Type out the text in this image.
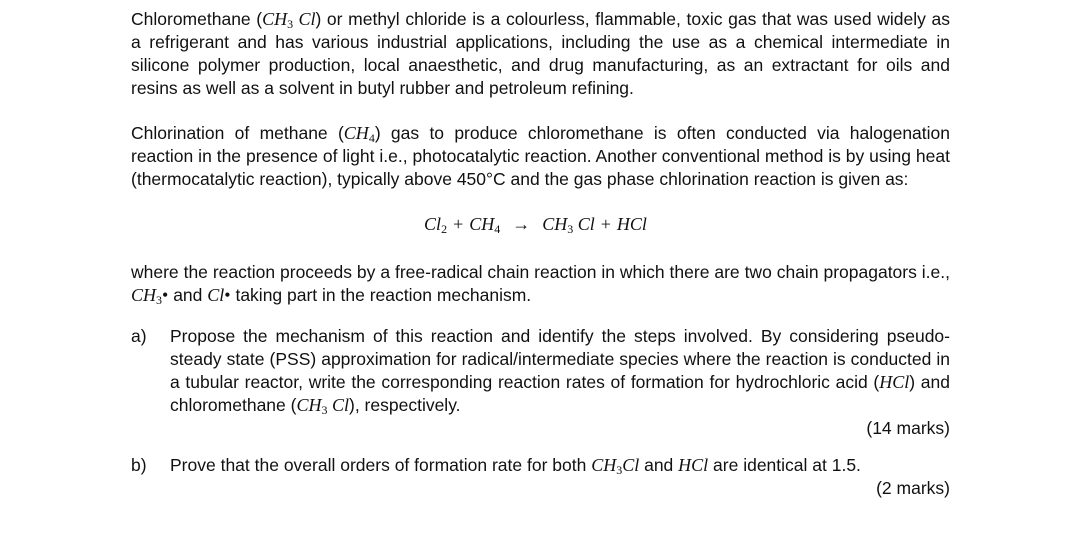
Chloromethane ($CH_3$ Cl) or methyl chloride is a colourless, flammable, toxic gas that was used widely as a refrigerant and has various industrial applications, including the use as a chemical intermediate in silicone polymer production, local anaesthetic, and drug manufacturing, as an extractant for oils and resins as well as a solvent in butyl rubber and petroleum refining.

Chlorination of methane $(CH_4)$ gas to produce chloromethane is often conducted via halogenation reaction in the presence of light i.e., photocatalytic reaction. Another conventional method is by using heat (thermocatalytic reaction), typically above 450°C and the gas phase chlorination reaction is given as:

$Cl_2 + CH_4 \to CH_3$ Cl + HCl

where the reaction proceeds by a free-radical chain reaction in which there are two chain propagators i.e., $CH_3•$ and Cl• taking part in the reaction mechanism.

a)	Propose the mechanism of this reaction and identify the steps involved. By considering pseudo-steady state (PSS) approximation for radical/intermediate species where the reaction is conducted in a tubular reactor, write the corresponding reaction rates of formation for hydrochloric acid (HCl) and chloromethane ($CH_3$ Cl), respectively.

(14 marks)
b)	Prove that the overall orders of formation rate for both $CH_3Cl$ and HCl are identical at 1.5.

(2 marks)
